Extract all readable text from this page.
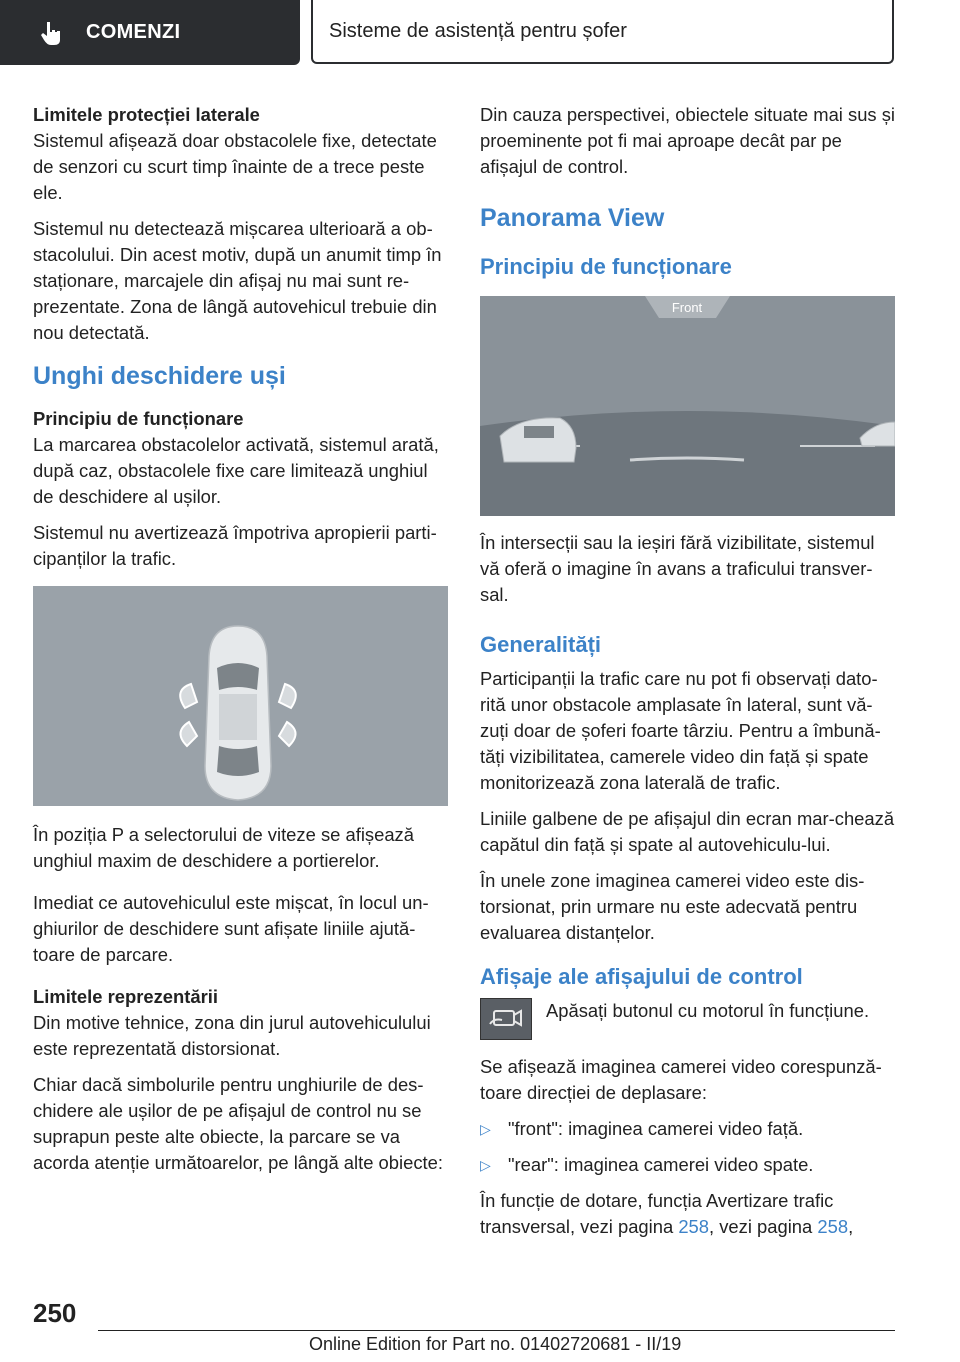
COMENZI	Sisteme de asistență pentru șofer
Limitele protecției laterale

Sistemul afișează doar obstacolele fixe, detectate de senzori cu scurt timp înainte de a trece peste ele.

Sistemul nu detectează mișcarea ulterioară a ob-stacolului. Din acest motiv, după un anumit timp în staționare, marcajele din afișaj nu mai sunt re-prezentate. Zona de lângă autovehicul trebuie din nou detectată.

Unghi deschidere uși
Principiu de funcționare

La marcarea obstacolelor activată, sistemul arată, după caz, obstacolele fixe care limitează unghiul de deschidere al ușilor.

Sistemul nu avertizează împotriva apropierii parti-cipanților la trafic.

În poziția P a selectorului de viteze se afișează unghiul maxim de deschidere a portierelor.

Imediat ce autovehiculul este mișcat, în locul un-ghiurilor de deschidere sunt afișate liniile ajută-toare de parcare.

Limitele reprezentării

Din motive tehnice, zona din jurul autovehiculului este reprezentată distorsionat.

Chiar dacă simbolurile pentru unghiurile de des-chidere ale ușilor de pe afișajul de control nu se suprapun peste alte obiecte, la parcare se va acorda atenție următoarelor, pe lângă alte obiecte:

Din cauza perspectivei, obiectele situate mai sus și proeminente pot fi mai aproape decât par pe afișajul de control.

Panorama View
Principiu de funcționare
Front

În intersecții sau la ieșiri fără vizibilitate, sistemul vă oferă o imagine în avans a traficului transver-sal.

Generalități

Participanții la trafic care nu pot fi observați dato-rită unor obstacole amplasate în lateral, sunt vă-zuți doar de șoferi foarte târziu. Pentru a îmbună-tăți vizibilitatea, camerele video din față și spate monitorizează zona laterală de trafic.

Liniile galbene de pe afișajul din ecran mar-chează capătul din față și spate al autovehiculu-lui.

În unele zone imaginea camerei video este dis-torsionat, prin urmare nu este adecvată pentru evaluarea distanțelor.

Afișaje ale afișajului de control
Apăsați butonul cu motorul în funcțiune.

Se afișează imaginea camerei video corespunză-toare direcției de deplasare:

▷ "front": imaginea camerei video față.
▷ "rear": imaginea camerei video spate.

În funcție de dotare, funcția Avertizare trafic transversal, vezi pagina 258, vezi pagina 258,

250
Online Edition for Part no. 01402720681 - II/19
